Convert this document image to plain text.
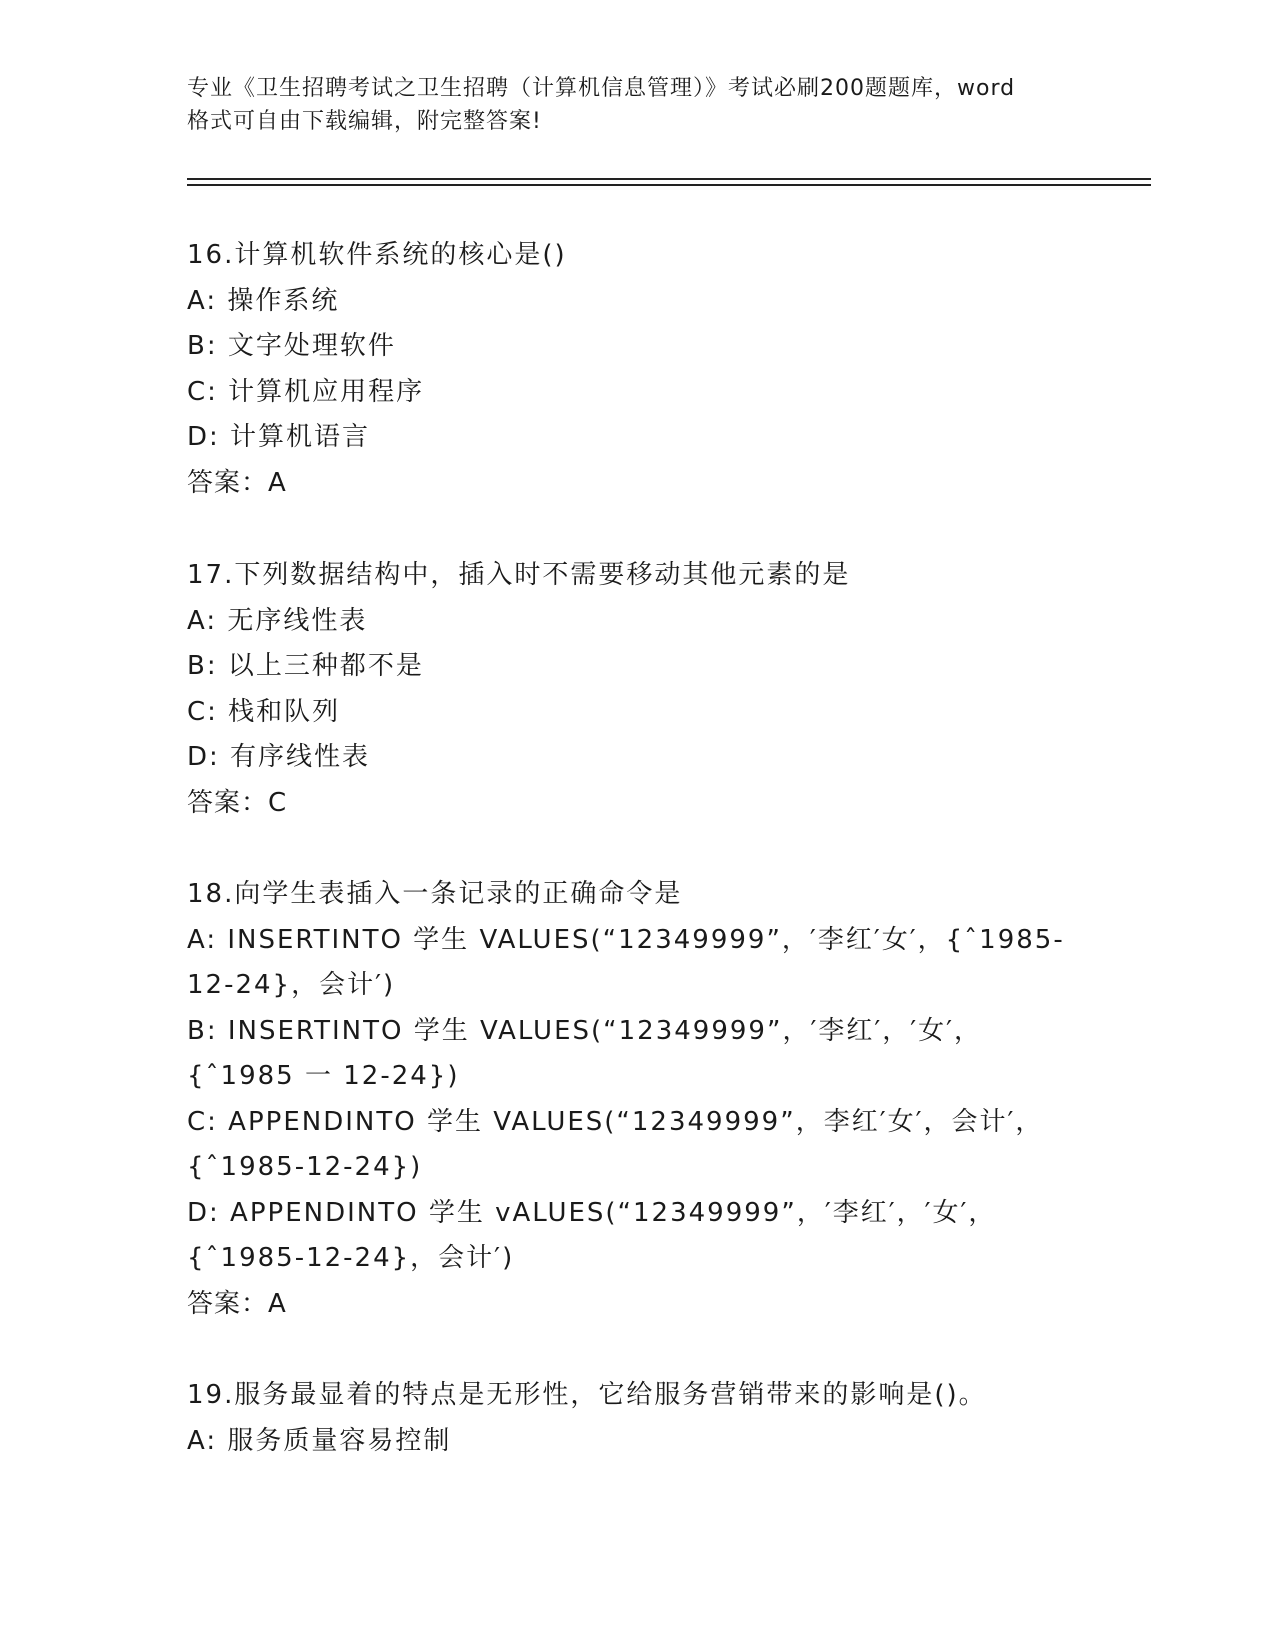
专业《卫生招聘考试之卫生招聘（计算机信息管理）》考试必刷200题题库，word
格式可自由下载编辑，附完整答案!
16.计算机软件系统的核心是()
A: 操作系统
B: 文字处理软件
C: 计算机应用程序
D: 计算机语言
答案：A
17.下列数据结构中，插入时不需要移动其他元素的是
A: 无序线性表
B: 以上三种都不是
C: 栈和队列
D: 有序线性表
答案：C
18.向学生表插入一条记录的正确命令是
A: INSERTINTO 学生 VALUES(“12349999”，′李红′女′，{ˆ1985-
12-24}，会计′)
B: INSERTINTO 学生 VALUES(“12349999”，′李红′，′女′，
{ˆ1985 一 12-24})
C: APPENDINTO 学生 VALUES(“12349999”，李红′女′，会计′，
{ˆ1985-12-24})
D: APPENDINTO 学生 vALUES(“12349999”，′李红′，′女′，
{ˆ1985-12-24}，会计′)
答案：A
19.服务最显着的特点是无形性，它给服务营销带来的影响是()。
A: 服务质量容易控制
